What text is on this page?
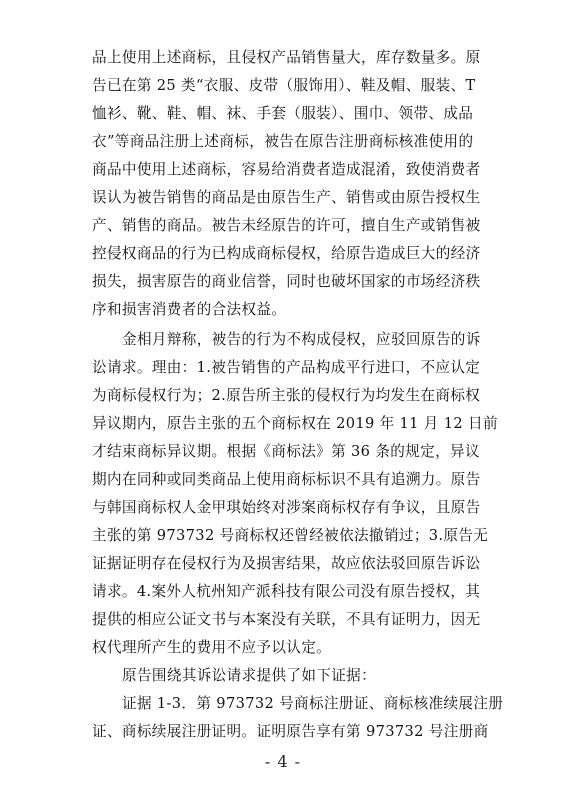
品上使用上述商标，且侵权产品销售量大，库存数量多。原
告已在第 25 类“衣服、皮带（服饰用）、鞋及帽、服装、T
恤衫、靴、鞋、帽、袜、手套（服装）、围巾、领带、成品
衣”等商品注册上述商标，被告在原告注册商标核准使用的
商品中使用上述商标，容易给消费者造成混淆，致使消费者
误认为被告销售的商品是由原告生产、销售或由原告授权生
产、销售的商品。被告未经原告的许可，擅自生产或销售被
控侵权商品的行为已构成商标侵权，给原告造成巨大的经济
损失，损害原告的商业信誉，同时也破坏国家的市场经济秩
序和损害消费者的合法权益。
金相月辩称，被告的行为不构成侵权，应驳回原告的诉
讼请求。理由：1.被告销售的产品构成平行进口，不应认定
为商标侵权行为；2.原告所主张的侵权行为均发生在商标权
异议期内，原告主张的五个商标权在 2019 年 11 月 12 日前
才结束商标异议期。根据《商标法》第 36 条的规定，异议
期内在同种或同类商品上使用商标标识不具有追溯力。原告
与韩国商标权人金甲琪始终对涉案商标权存有争议，且原告
主张的第 973732 号商标权还曾经被依法撤销过；3.原告无
证据证明存在侵权行为及损害结果，故应依法驳回原告诉讼
请求。4.案外人杭州知产派科技有限公司没有原告授权，其
提供的相应公证文书与本案没有关联，不具有证明力，因无
权代理所产生的费用不应予以认定。
原告围绕其诉讼请求提供了如下证据：
证据 1-3．第 973732 号商标注册证、商标核准续展注册
证、商标续展注册证明。证明原告享有第 973732 号注册商
- 4 -
